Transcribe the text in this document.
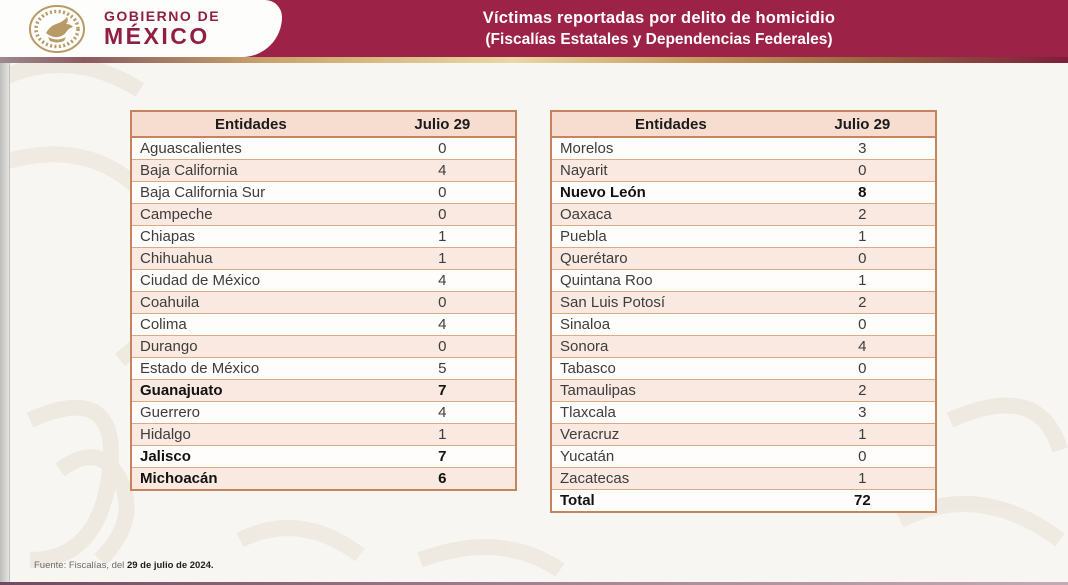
GOBIERNO DE
MÉXICO
Víctimas reportadas por delito de homicidio
(Fiscalías Estatales y Dependencias Federales)
Entidades	Julio 29
Aguascalientes	0
Baja California	4
Baja California Sur	0
Campeche	0
Chiapas	1
Chihuahua	1
Ciudad de México	4
Coahuila	0
Colima	4
Durango	0
Estado de México	5
Guanajuato	7
Guerrero	4
Hidalgo	1
Jalisco	7
Michoacán	6
Entidades	Julio 29
Morelos	3
Nayarit	0
Nuevo León	8
Oaxaca	2
Puebla	1
Querétaro	0
Quintana Roo	1
San Luis Potosí	2
Sinaloa	0
Sonora	4
Tabasco	0
Tamaulipas	2
Tlaxcala	3
Veracruz	1
Yucatán	0
Zacatecas	1
Total	72
Fuente: Fiscalías, del 29 de julio de 2024.
